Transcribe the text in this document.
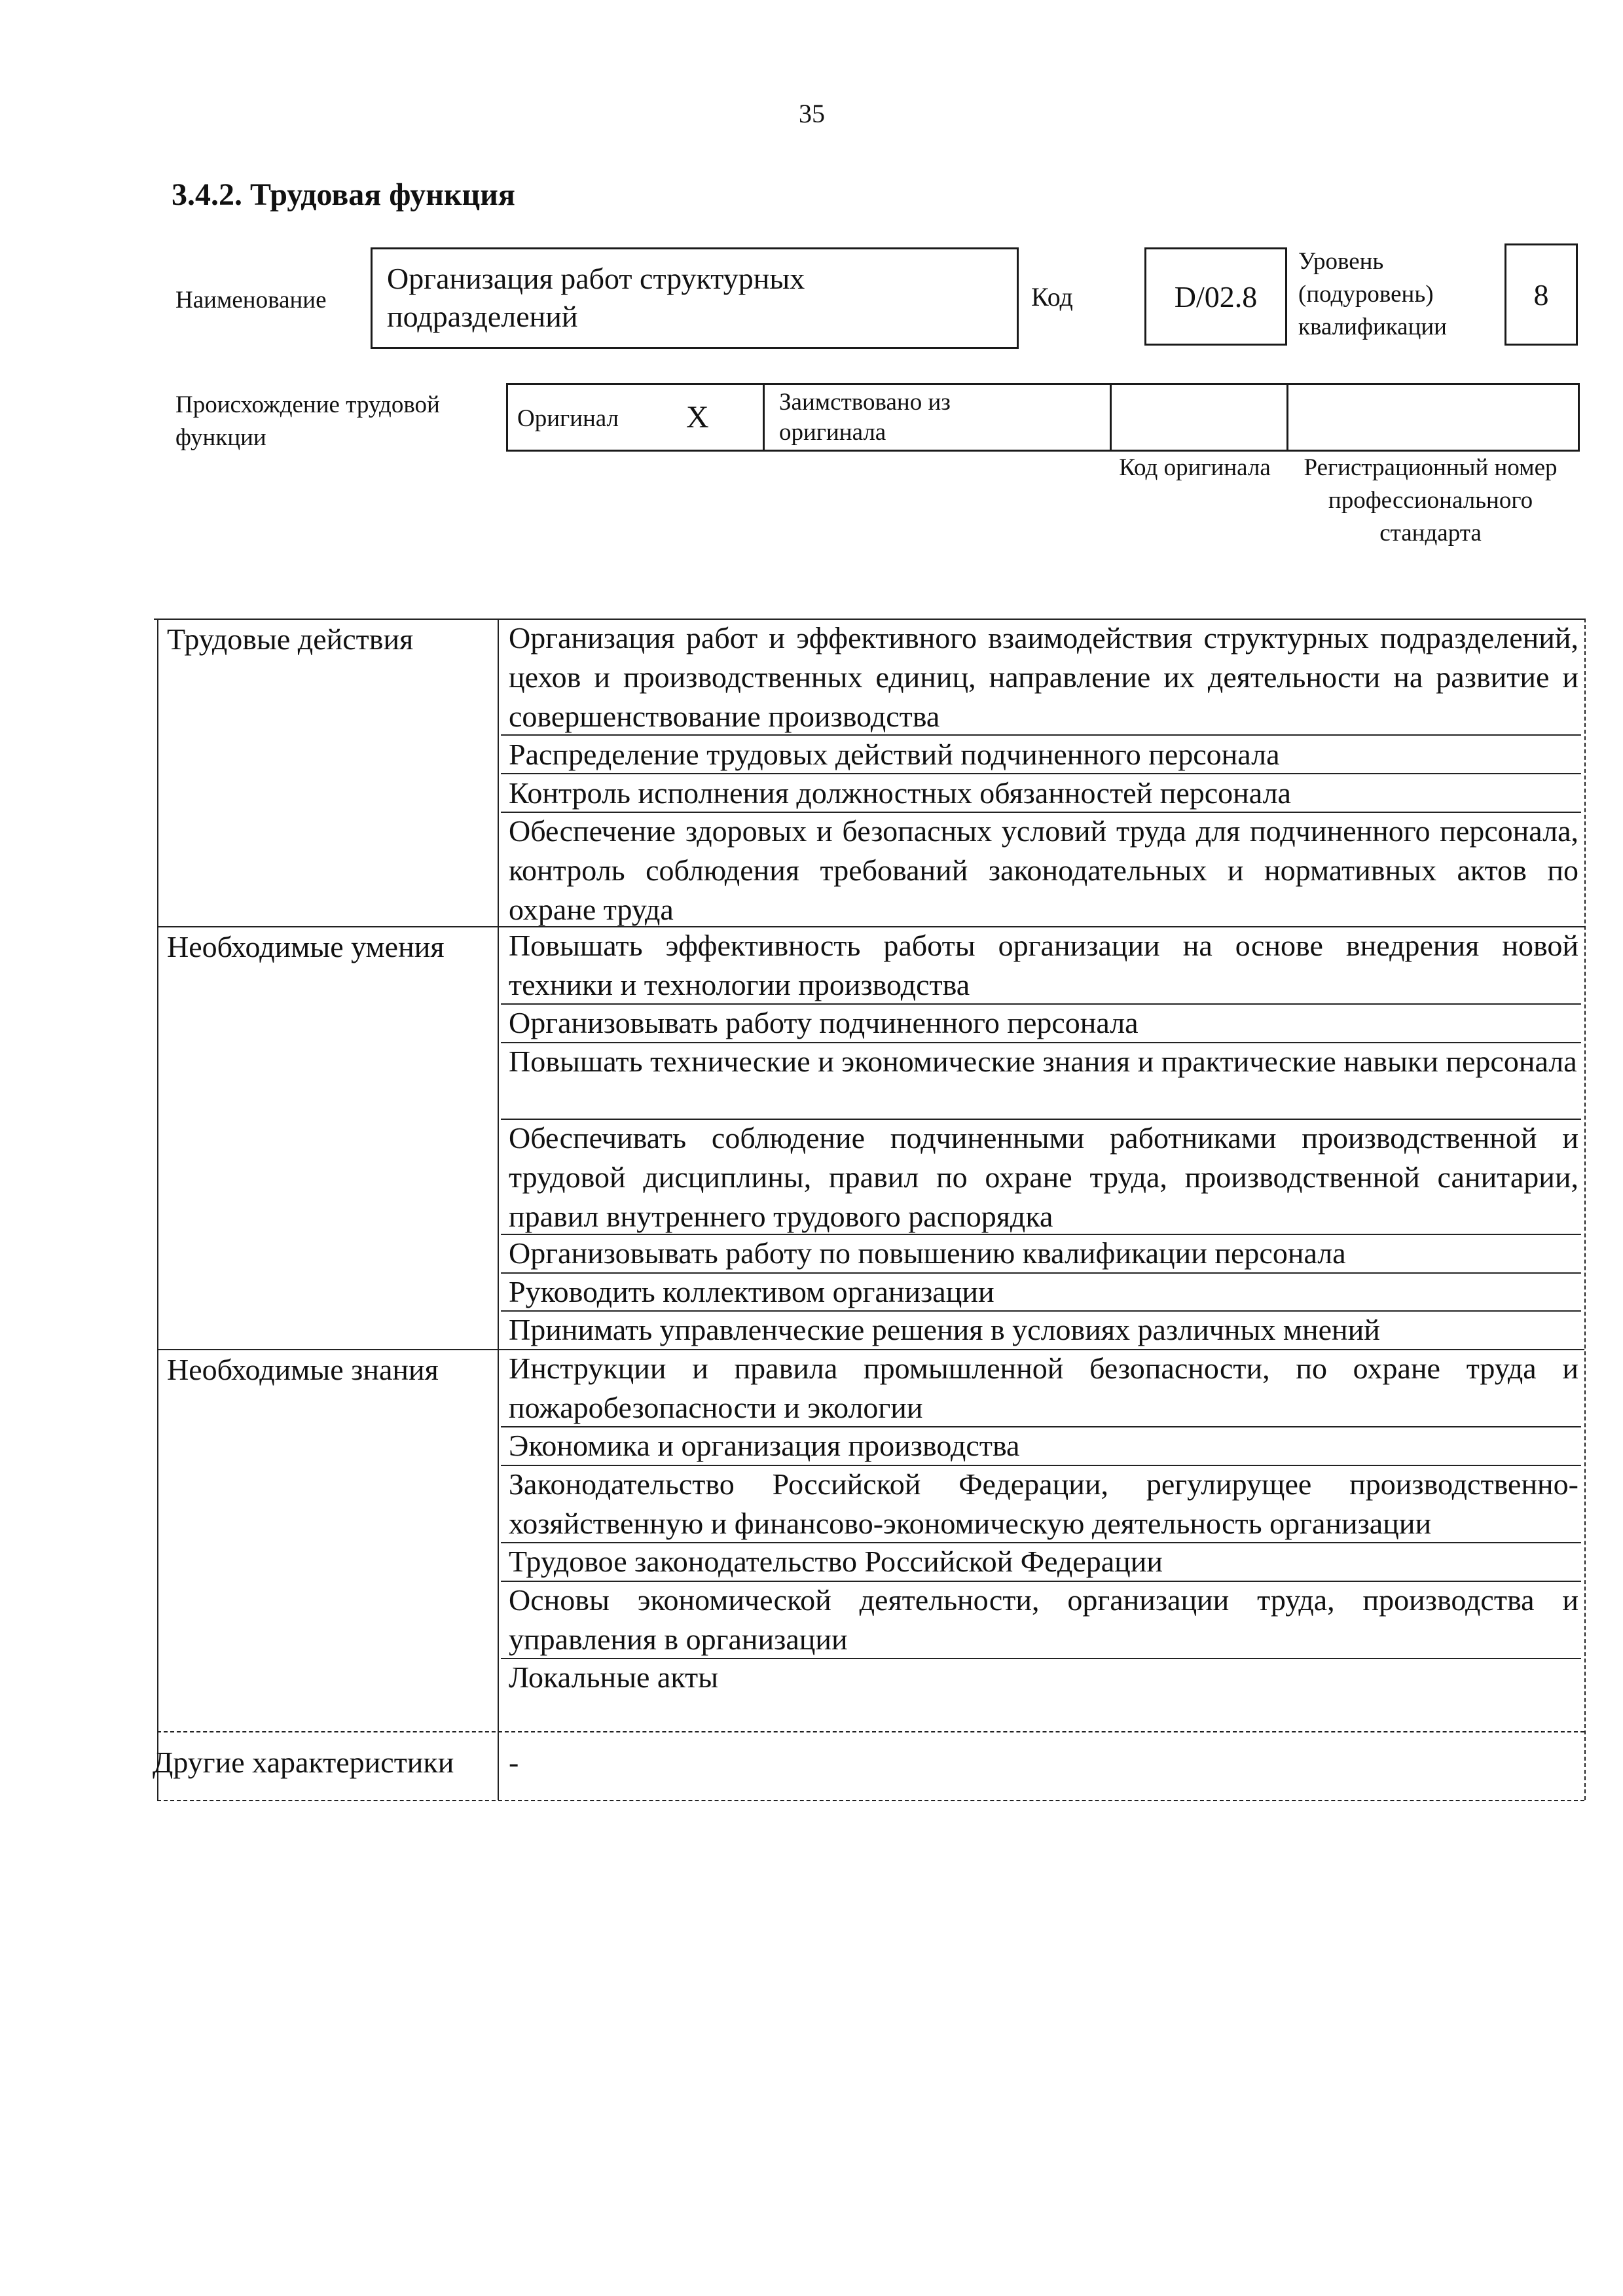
35
3.4.2. Трудовая функция
Наименование
Организация работ структурных подразделений
Код	D/02.8
Уровень (подуровень) квалификации
8
Происхождение трудовой функции
Оригинал X	Заимствовано из оригинала
Код оригинала	Регистрационный номер профессионального стандарта
Трудовые действия	Организация работ и эффективного взаимодействия структурных подразделений, цехов и производственных единиц, направление их деятельности на развитие и совершенствование производства
Распределение трудовых действий подчиненного персонала
Контроль исполнения должностных обязанностей персонала
Обеспечение здоровых и безопасных условий труда для подчиненного персонала, контроль соблюдения требований законодательных и нормативных актов по охране труда
Необходимые умения	Повышать эффективность работы организации на основе внедрения новой техники и технологии производства
Организовывать работу подчиненного персонала
Повышать технические и экономические знания и практические навыки персонала
Обеспечивать соблюдение подчиненными работниками производственной и трудовой дисциплины, правил по охране труда, производственной санитарии, правил внутреннего трудового распорядка
Организовывать работу по повышению квалификации персонала
Руководить коллективом организации
Принимать управленческие решения в условиях различных мнений
Необходимые знания	Инструкции и правила промышленной безопасности, по охране труда и пожаробезопасности и экологии
Экономика и организация производства
Законодательство Российской Федерации, регулирущее производственно-хозяйственную и финансово-экономическую деятельность организации
Трудовое законодательство Российской Федерации
Основы экономической деятельности, организации труда, производства и управления в организации
Локальные акты
Другие характеристики	-
